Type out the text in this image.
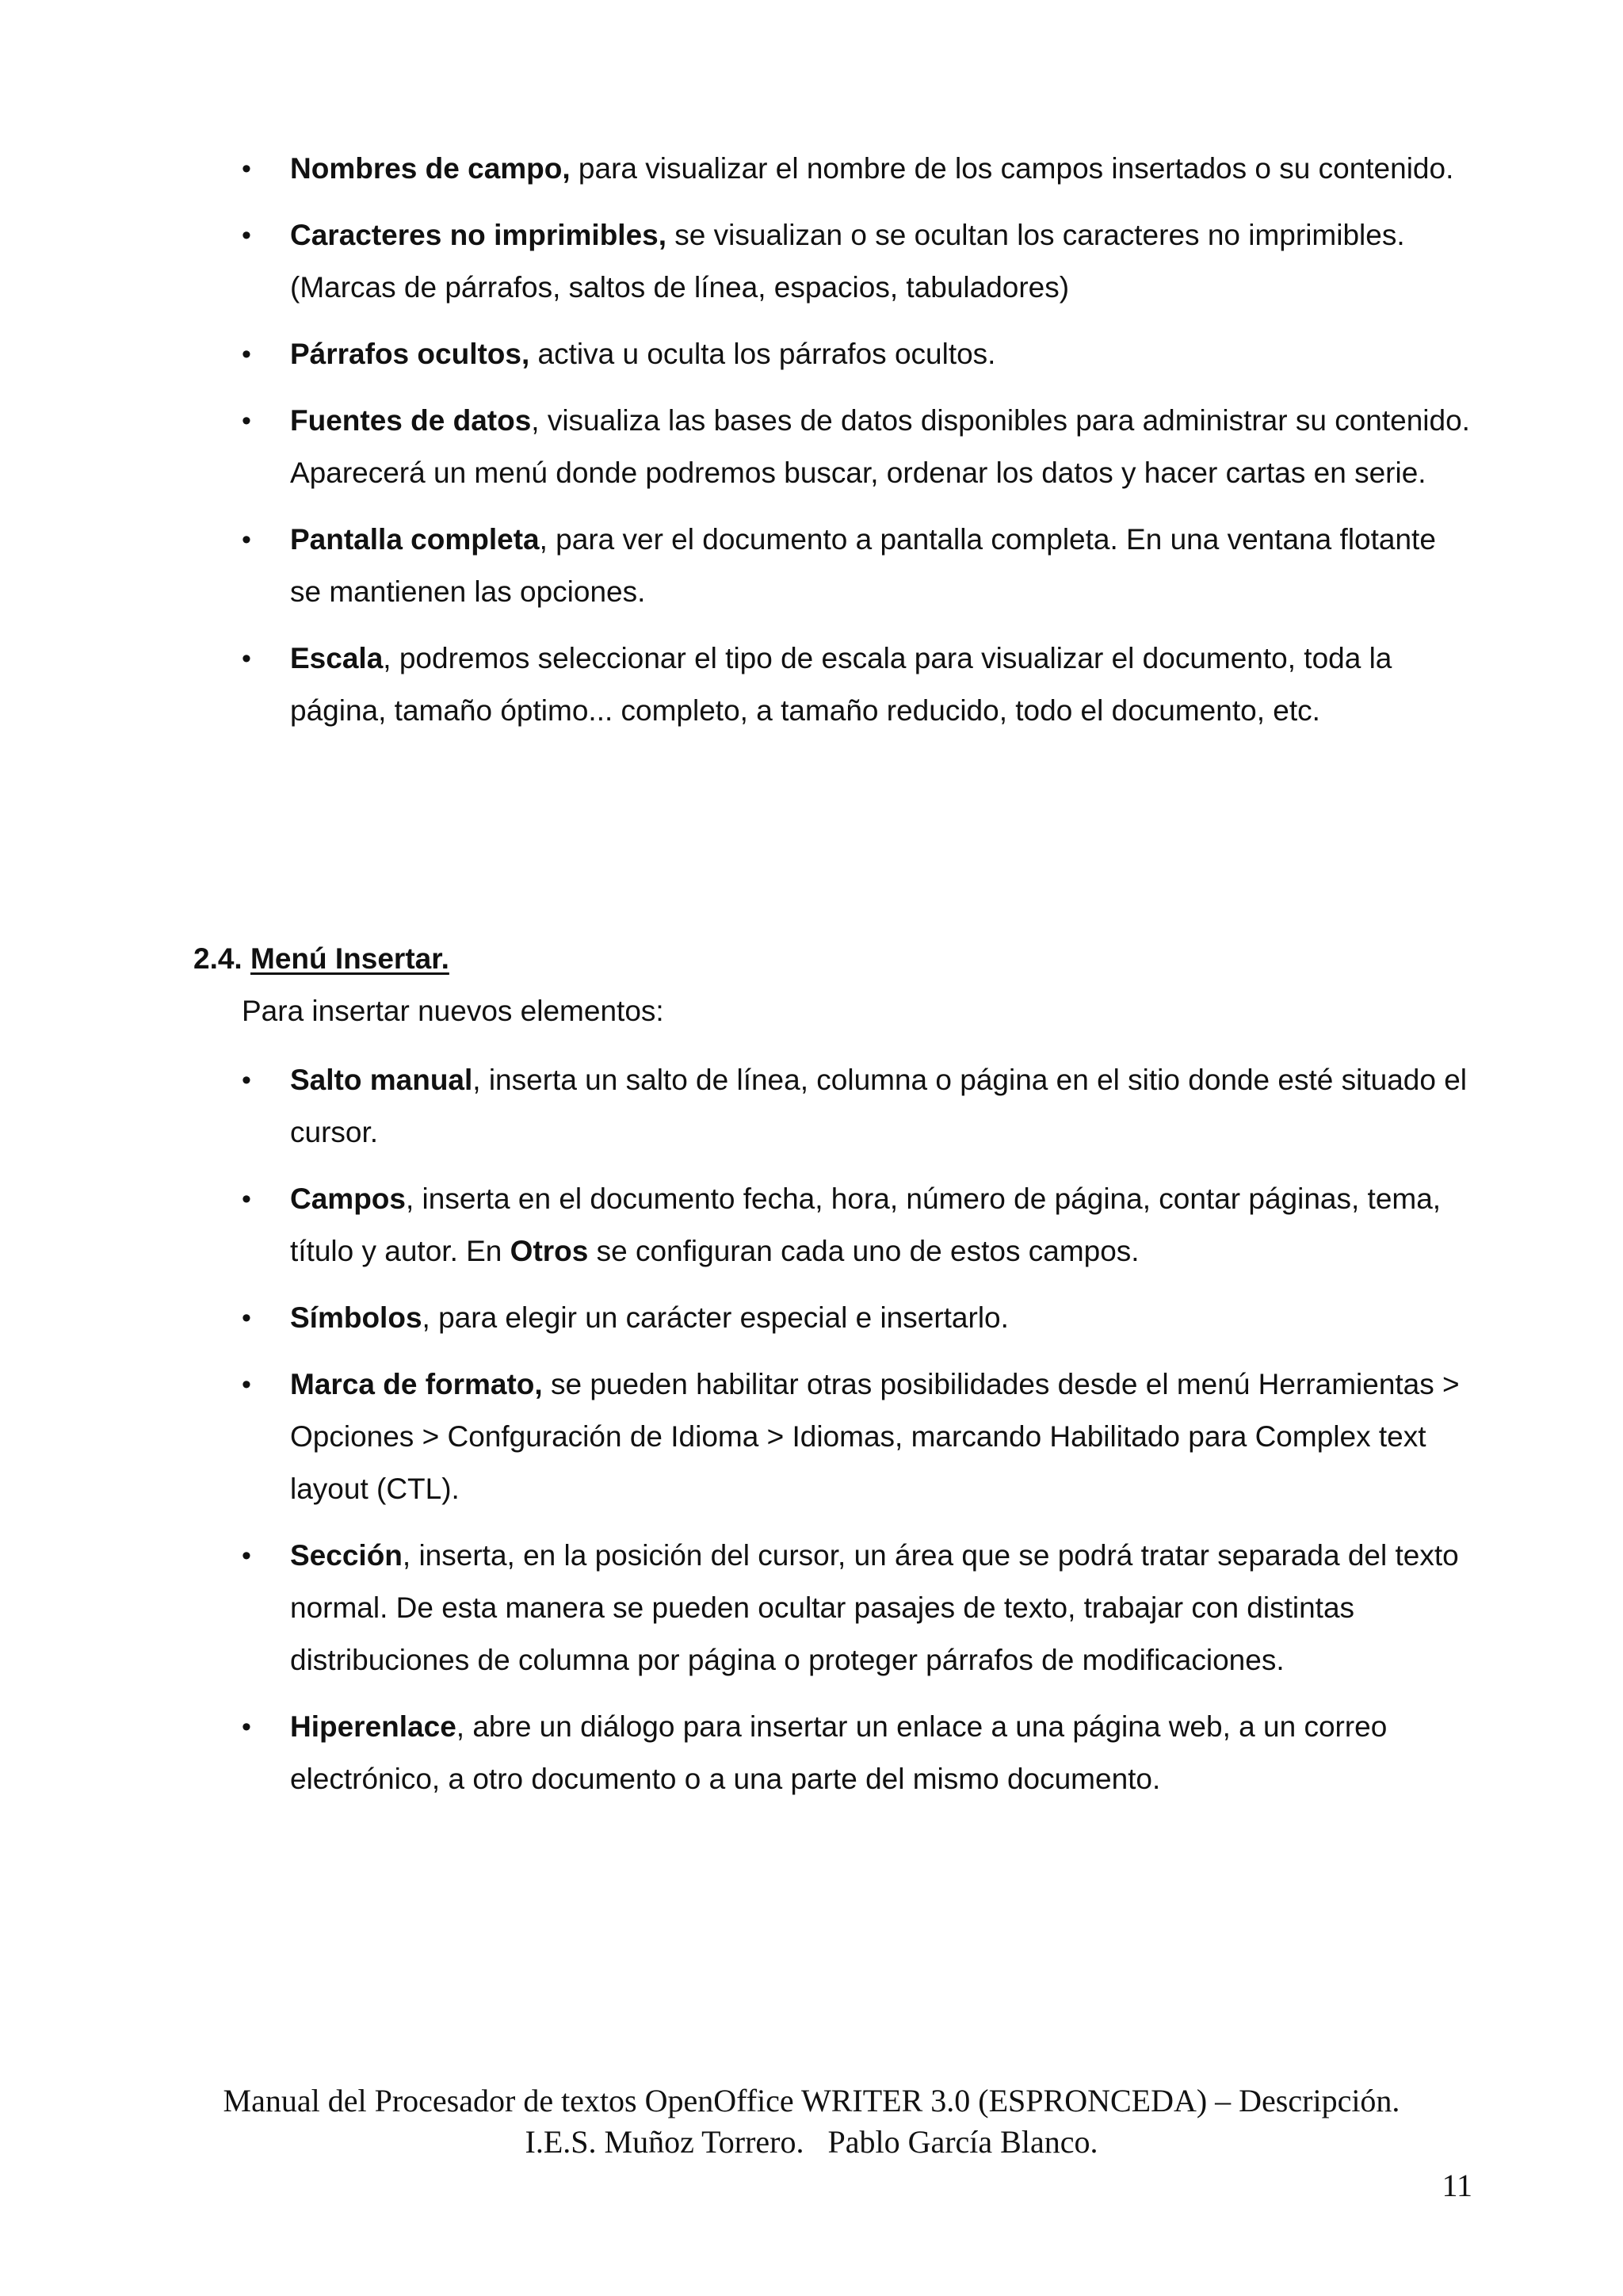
• Nombres de campo, para visualizar el nombre de los campos insertados o su contenido.
• Caracteres no imprimibles, se visualizan o se ocultan los caracteres no imprimibles. (Marcas de párrafos, saltos de línea, espacios, tabuladores)
• Párrafos ocultos, activa u oculta los párrafos ocultos.
• Fuentes de datos, visualiza las bases de datos disponibles para administrar su contenido. Aparecerá un menú donde podremos buscar, ordenar los datos y hacer cartas en serie.
• Pantalla completa, para ver el documento a pantalla completa. En una ventana flotante se mantienen las opciones.
• Escala, podremos seleccionar el tipo de escala para visualizar el documento, toda la página, tamaño óptimo... completo, a tamaño reducido, todo el documento, etc.
2.4. Menú Insertar.
Para insertar nuevos elementos:
• Salto manual, inserta un salto de línea, columna o página en el sitio donde esté situado el cursor.
• Campos, inserta en el documento fecha, hora, número de página, contar páginas, tema, título y autor. En Otros se configuran cada uno de estos campos.
• Símbolos, para elegir un carácter especial e insertarlo.
• Marca de formato, se pueden habilitar otras posibilidades desde el menú Herramientas > Opciones > Confguración de Idioma > Idiomas, marcando Habilitado para Complex text layout (CTL).
• Sección, inserta, en la posición del cursor, un área que se podrá tratar separada del texto normal. De esta manera se pueden ocultar pasajes de texto, trabajar con distintas distribuciones de columna por página o proteger párrafos de modificaciones.
• Hiperenlace, abre un diálogo para insertar un enlace a una página web, a un correo electrónico, a otro documento o a una parte del mismo documento.
Manual del Procesador de textos OpenOffice WRITER 3.0 (ESPRONCEDA) – Descripción.
I.E.S. Muñoz Torrero.   Pablo García Blanco.
11
